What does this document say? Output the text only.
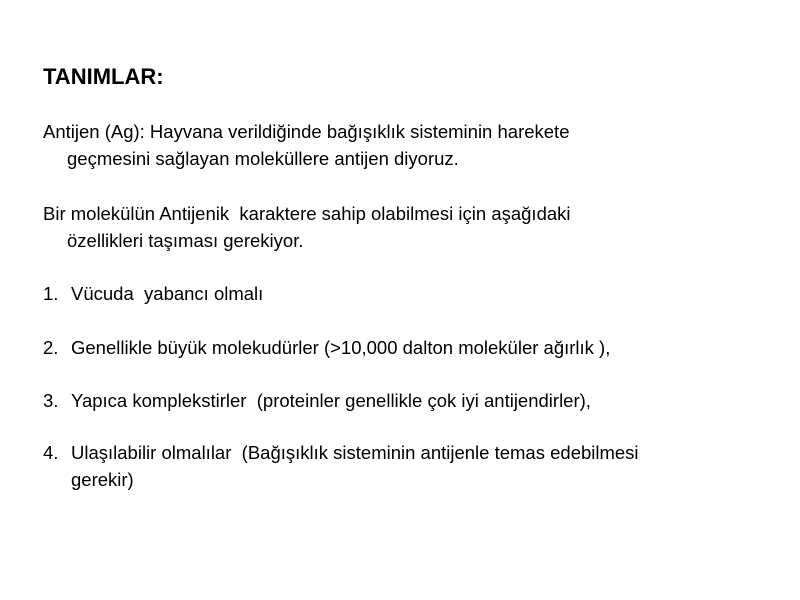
TANIMLAR:
Antijen (Ag): Hayvana verildiğinde bağışıklık sisteminin harekete
geçmesini sağlayan moleküllere antijen diyoruz.
Bir molekülün Antijenik  karaktere sahip olabilmesi için aşağıdaki
özellikleri taşıması gerekiyor.
1. Vücuda  yabancı olmalı
2. Genellikle büyük molekudürler (>10,000 dalton moleküler ağırlık ),
3. Yapıca komplekstirler  (proteinler genellikle çok iyi antijendirler),
4. Ulaşılabilir olmalılar  (Bağışıklık sisteminin antijenle temas edebilmesi
gerekir)
